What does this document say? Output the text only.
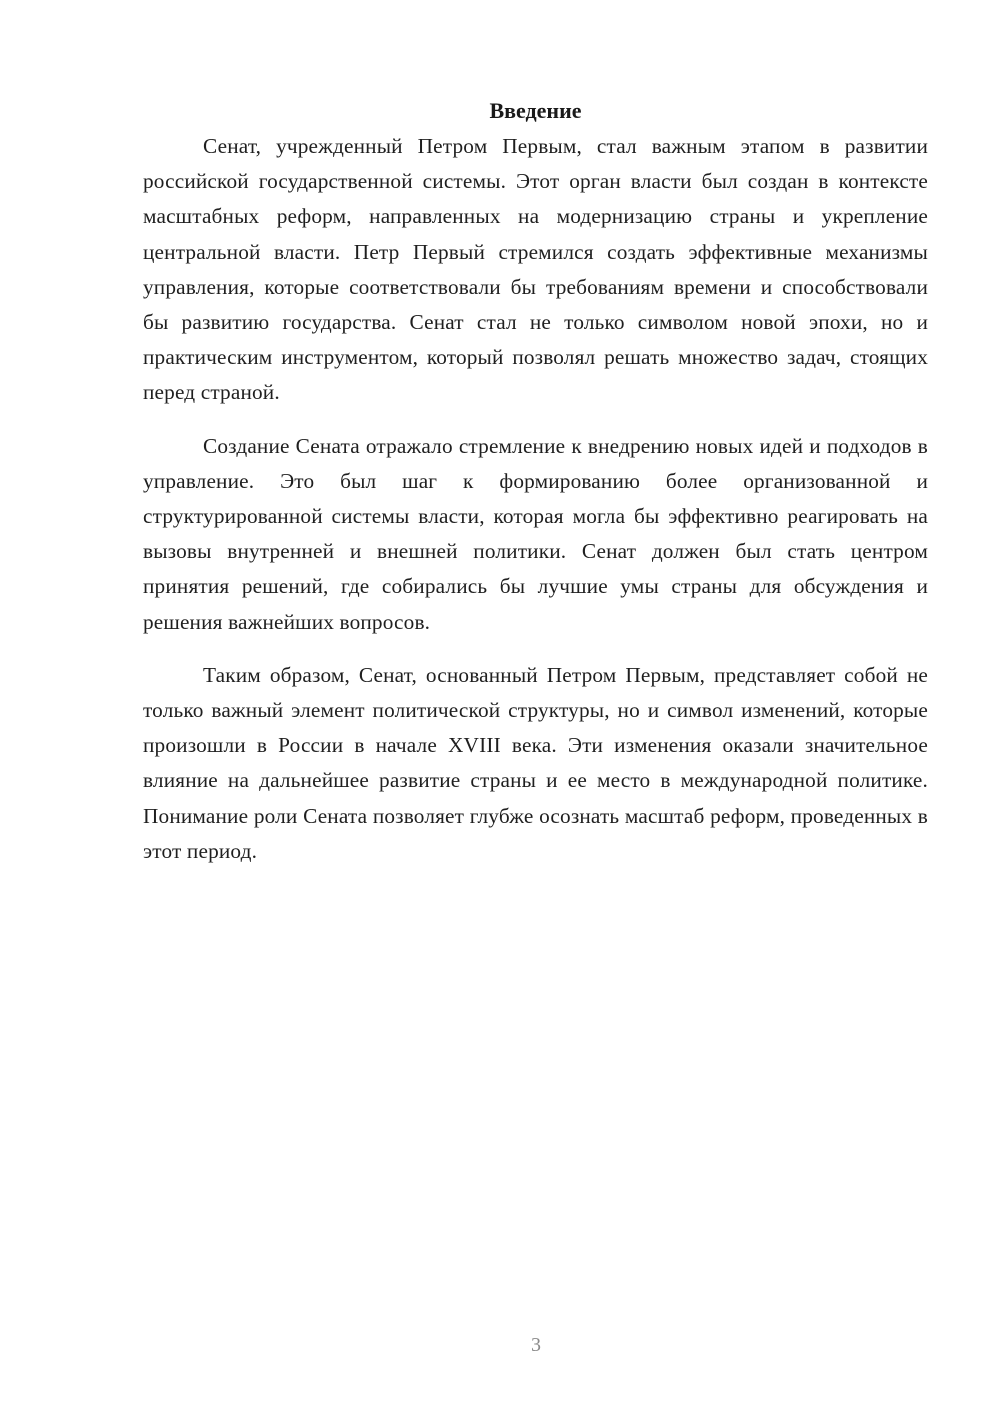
Введение

Сенат, учрежденный Петром Первым, стал важным этапом в развитии российской государственной системы. Этот орган власти был создан в контексте масштабных реформ, направленных на модернизацию страны и укрепление центральной власти. Петр Первый стремился создать эффективные механизмы управления, которые соответствовали бы требованиям времени и способствовали бы развитию государства. Сенат стал не только символом новой эпохи, но и практическим инструментом, который позволял решать множество задач, стоящих перед страной.

Создание Сената отражало стремление к внедрению новых идей и подходов в управление. Это был шаг к формированию более организованной и структурированной системы власти, которая могла бы эффективно реагировать на вызовы внутренней и внешней политики. Сенат должен был стать центром принятия решений, где собирались бы лучшие умы страны для обсуждения и решения важнейших вопросов.

Таким образом, Сенат, основанный Петром Первым, представляет собой не только важный элемент политической структуры, но и символ изменений, которые произошли в России в начале XVIII века. Эти изменения оказали значительное влияние на дальнейшее развитие страны и ее место в международной политике. Понимание роли Сената позволяет глубже осознать масштаб реформ, проведенных в этот период.

3
